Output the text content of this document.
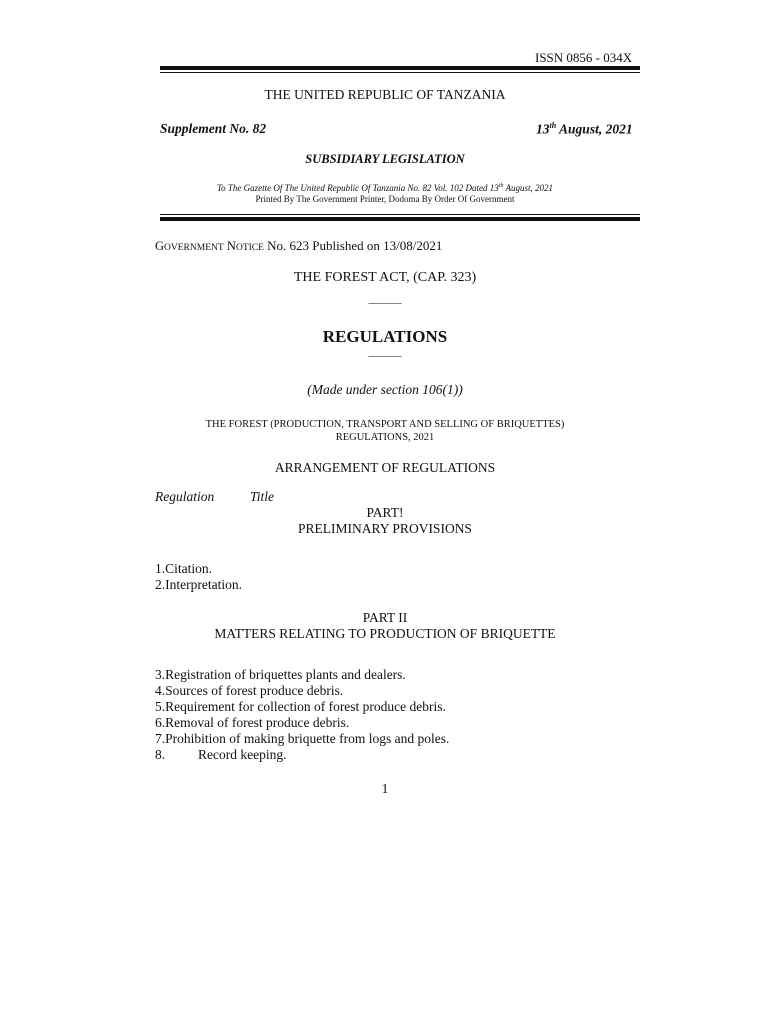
ISSN 0856 - 034X
THE UNITED REPUBLIC OF TANZANIA
Supplement No. 82	13th August, 2021
SUBSIDIARY LEGISLATION
To The Gazette Of The United Republic Of Tanzania No. 82 Vol. 102 Dated 13th August, 2021
Printed By The Government Printer, Dodoma By Order Of Government
GOVERNMENT NOTICE No. 623 Published on 13/08/2021
THE FOREST ACT, (CAP. 323)
———
REGULATIONS
———
(Made under section 106(1))
THE FOREST (PRODUCTION, TRANSPORT AND SELLING OF BRIQUETTES)
REGULATIONS, 2021
ARRANGEMENT OF REGULATIONS
Regulation	Title
PART!
PRELIMINARY PROVISIONS
1.Citation.
2.Interpretation.
PART II
MATTERS RELATING TO PRODUCTION OF BRIQUETTE
3.Registration of briquettes plants and dealers.
4.Sources of forest produce debris.
5.Requirement for collection of forest produce debris.
6.Removal of forest produce debris.
7.Prohibition of making briquette from logs and poles.
8. Record keeping.
1
